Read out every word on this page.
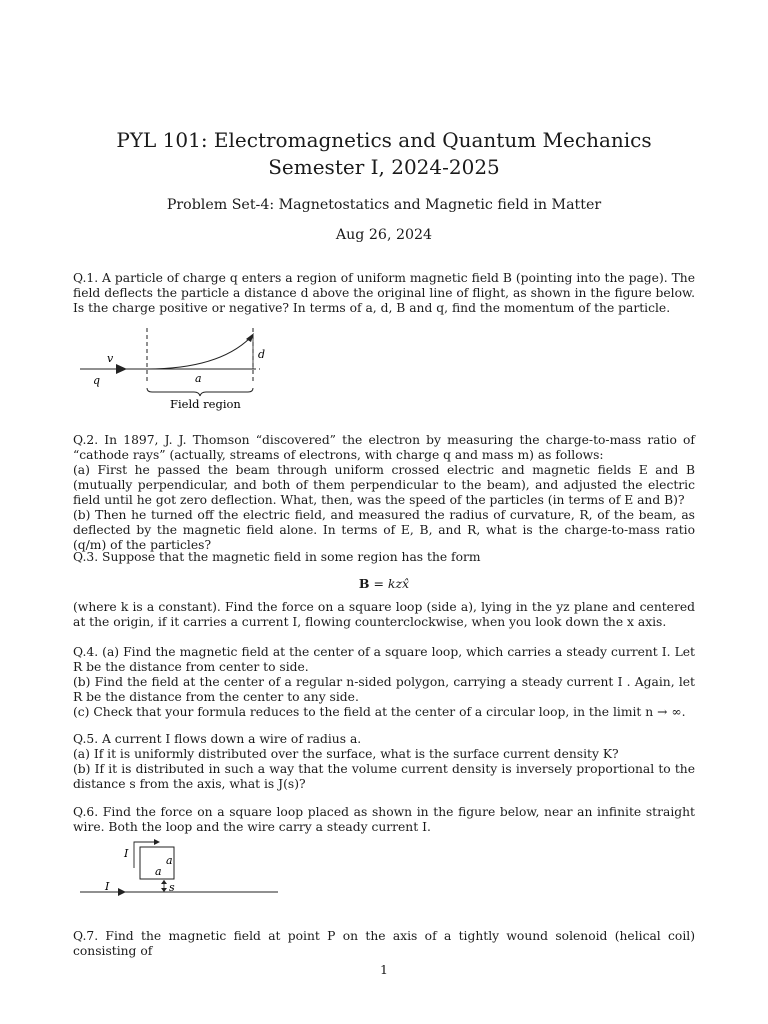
PYL 101: Electromagnetics and Quantum Mechanics
Semester I, 2024-2025
Problem Set-4: Magnetostatics and Magnetic field in Matter
Aug 26, 2024

Q.1. A particle of charge q enters a region of uniform magnetic field B (pointing into the page). The field deflects the particle a distance d above the original line of flight, as shown in the figure below. Is the charge positive or negative? In terms of a, d, B and q, find the momentum of the particle.

v
q	a
d
Field region

Q.2. In 1897, J. J. Thomson “discovered” the electron by measuring the charge-to-mass ratio of “cathode rays” (actually, streams of electrons, with charge q and mass m) as follows:

(a) First he passed the beam through uniform crossed electric and magnetic fields E and B (mutually perpendicular, and both of them perpendicular to the beam), and adjusted the electric field until he got zero deflection. What, then, was the speed of the particles (in terms of E and B)?

(b) Then he turned off the electric field, and measured the radius of curvature, R, of the beam, as deflected by the magnetic field alone. In terms of E, B, and R, what is the charge-to-mass ratio (q/m) of the particles?

Q.3. Suppose that the magnetic field in some region has the form
B = kzx̂
(where k is a constant). Find the force on a square loop (side a), lying in the yz plane and centered at the origin, if it carries a current I, flowing counterclockwise, when you look down the x axis.

Q.4. (a) Find the magnetic field at the center of a square loop, which carries a steady current I. Let R be the distance from center to side.

(b) Find the field at the center of a regular n-sided polygon, carrying a steady current I . Again, let R be the distance from the center to any side.

(c) Check that your formula reduces to the field at the center of a circular loop, in the limit n → ∞.

Q.5. A current I flows down a wire of radius a.

(a) If it is uniformly distributed over the surface, what is the surface current density K?

(b) If it is distributed in such a way that the volume current density is inversely proportional to the distance s from the axis, what is J(s)?

Q.6. Find the force on a square loop placed as shown in the figure below, near an infinite straight wire. Both the loop and the wire carry a steady current I.
I
a
a
s
I
Q.7. Find the magnetic field at point P on the axis of a tightly wound solenoid (helical coil) consisting of
1
